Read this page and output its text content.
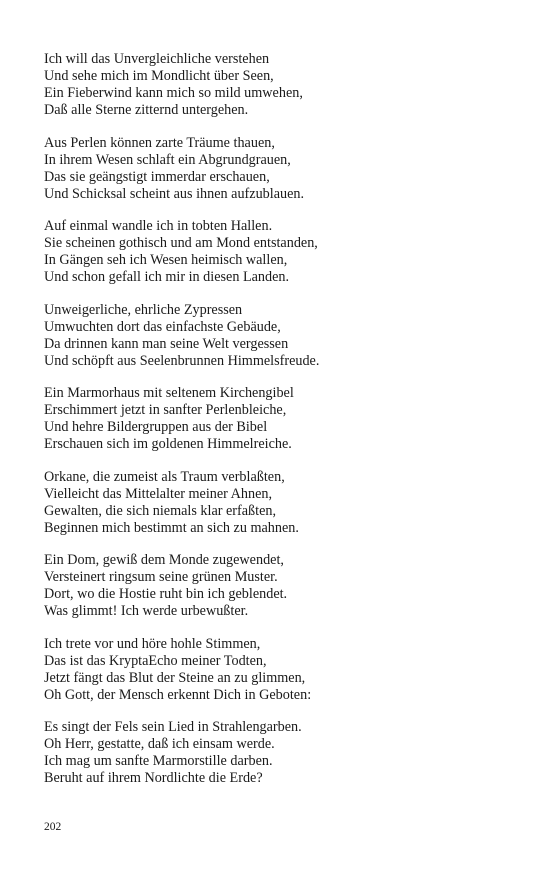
Ich will das Unvergleichliche verstehen
Und sehe mich im Mondlicht über Seen,
Ein Fieberwind kann mich so mild umwehen,
Daß alle Sterne zitternd untergehen.
Aus Perlen können zarte Träume thauen,
In ihrem Wesen schlaft ein Abgrundgrauen,
Das sie geängstigt immerdar erschauen,
Und Schicksal scheint aus ihnen aufzublauen.
Auf einmal wandle ich in tobten Hallen.
Sie scheinen gothisch und am Mond entstanden,
In Gängen seh ich Wesen heimisch wallen,
Und schon gefall ich mir in diesen Landen.
Unweigerliche, ehrliche Zypressen
Umwuchten dort das einfachste Gebäude,
Da drinnen kann man seine Welt vergessen
Und schöpft aus Seelenbrunnen Himmelsfreude.
Ein Marmorhaus mit seltenem Kirchengibel
Erschimmert jetzt in sanfter Perlenbleiche,
Und hehre Bildergruppen aus der Bibel
Erschauen sich im goldenen Himmelreiche.
Orkane, die zumeist als Traum verblaßten,
Vielleicht das Mittelalter meiner Ahnen,
Gewalten, die sich niemals klar erfaßten,
Beginnen mich bestimmt an sich zu mahnen.
Ein Dom, gewiß dem Monde zugewendet,
Versteinert ringsum seine grünen Muster.
Dort, wo die Hostie ruht bin ich geblendet.
Was glimmt! Ich werde urbewußter.
Ich trete vor und höre hohle Stimmen,
Das ist das KryptaEcho meiner Todten,
Jetzt fängt das Blut der Steine an zu glimmen,
Oh Gott, der Mensch erkennt Dich in Geboten:
Es singt der Fels sein Lied in Strahlengarben.
Oh Herr, gestatte, daß ich einsam werde.
Ich mag um sanfte Marmorstille darben.
Beruht auf ihrem Nordlichte die Erde?
202
